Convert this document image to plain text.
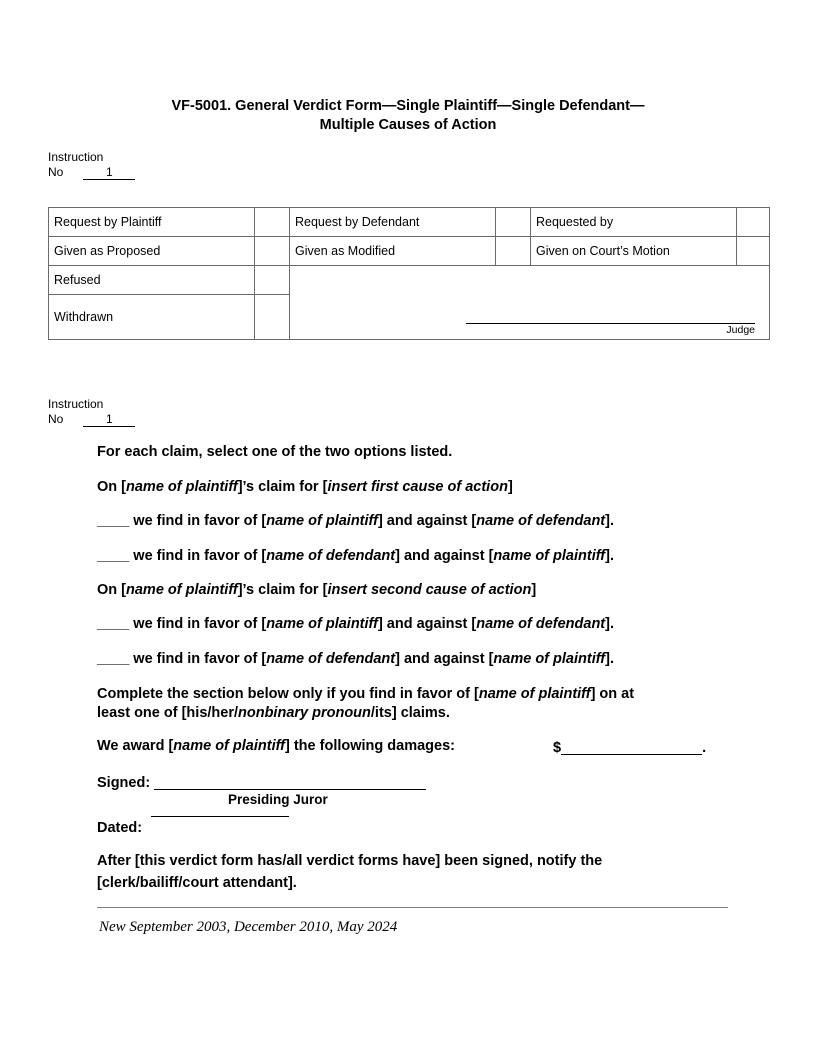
VF-5001. General Verdict Form—Single Plaintiff—Single Defendant—
Multiple Causes of Action
Instruction
No	1
Request by Plaintiff		Request by Defendant		Requested by	
Given as Proposed		Given as Modified		Given on Court’s Motion	
Refused		Judge			

Withdrawn					
Instruction
No	1

For each claim, select one of the two options listed.

On [name of plaintiff]’s claim for [insert first cause of action]

____ we find in favor of [name of plaintiff] and against [name of defendant].

____ we find in favor of [name of defendant] and against [name of plaintiff].

On [name of plaintiff]’s claim for [insert second cause of action]

____ we find in favor of [name of plaintiff] and against [name of defendant].

____ we find in favor of [name of defendant] and against [name of plaintiff].

Complete the section below only if you find in favor of [name of plaintiff] on at
least one of [his/her/nonbinary pronoun/its] claims.

We award [name of plaintiff] the following damages:	$	.

Signed:

Presiding Juror

Dated:

After [this verdict form has/all verdict forms have] been signed, notify the
[clerk/bailiff/court attendant].
New September 2003, December 2010, May 2024
